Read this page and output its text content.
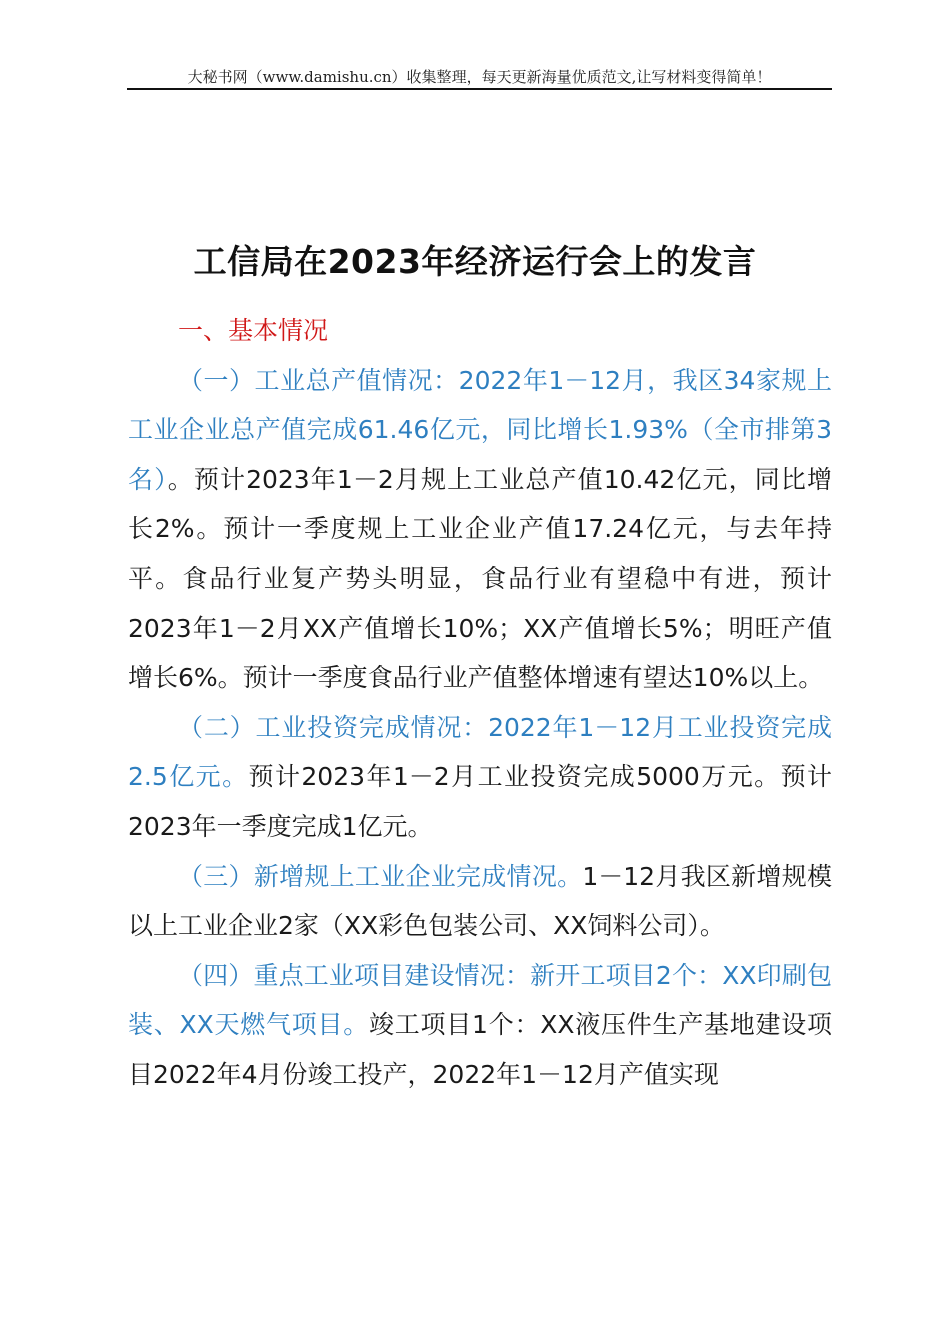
大秘书网（www.damishu.cn）收集整理，每天更新海量优质范文,让写材料变得简单！
工信局在2023年经济运行会上的发言

一、基本情况

（一）工业总产值情况：2022年1－12月，我区34家规上工业企业总产值完成61.46亿元，同比增长1.93%（全市排第3名）。预计2023年1－2月规上工业总产值10.42亿元，同比增长2%。预计一季度规上工业企业产值17.24亿元，与去年持平。食品行业复产势头明显，食品行业有望稳中有进，预计2023年1－2月XX产值增长10%；XX产值增长5%；明旺产值增长6%。预计一季度食品行业产值整体增速有望达10%以上。

（二）工业投资完成情况：2022年1－12月工业投资完成2.5亿元。预计2023年1－2月工业投资完成5000万元。预计2023年一季度完成1亿元。

（三）新增规上工业企业完成情况。1－12月我区新增规模以上工业企业2家（XX彩色包装公司、XX饲料公司）。

（四）重点工业项目建设情况：新开工项目2个：XX印刷包装、XX天燃气项目。竣工项目1个：XX液压件生产基地建设项目2022年4月份竣工投产，2022年1－12月产值实现
